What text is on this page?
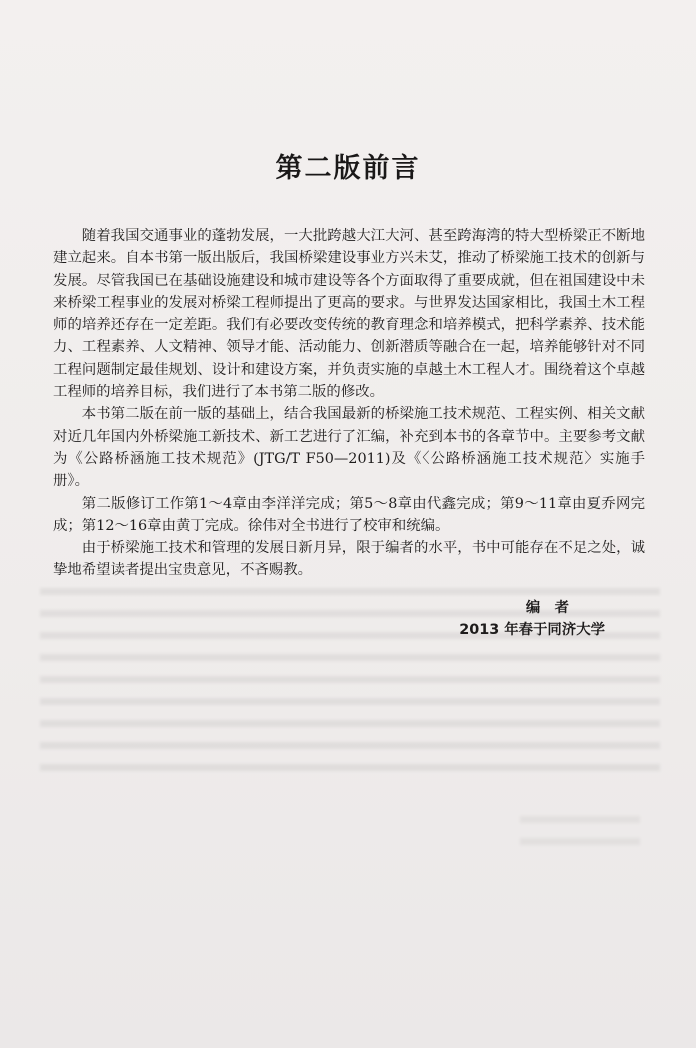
第二版前言

随着我国交通事业的蓬勃发展，一大批跨越大江大河、甚至跨海湾的特大型桥梁正不断地建立起来。自本书第一版出版后，我国桥梁建设事业方兴未艾，推动了桥梁施工技术的创新与发展。尽管我国已在基础设施建设和城市建设等各个方面取得了重要成就，但在祖国建设中未来桥梁工程事业的发展对桥梁工程师提出了更高的要求。与世界发达国家相比，我国土木工程师的培养还存在一定差距。我们有必要改变传统的教育理念和培养模式，把科学素养、技术能力、工程素养、人文精神、领导才能、活动能力、创新潜质等融合在一起，培养能够针对不同工程问题制定最佳规划、设计和建设方案，并负责实施的卓越土木工程人才。围绕着这个卓越工程师的培养目标，我们进行了本书第二版的修改。

本书第二版在前一版的基础上，结合我国最新的桥梁施工技术规范、工程实例、相关文献对近几年国内外桥梁施工新技术、新工艺进行了汇编，补充到本书的各章节中。主要参考文献为《公路桥涵施工技术规范》(JTG/T F50—2011)及《〈公路桥涵施工技术规范〉实施手册》。

第二版修订工作第1～4章由李洋洋完成；第5～8章由代鑫完成；第9～11章由夏乔网完成；第12～16章由黄丁完成。徐伟对全书进行了校审和统编。

由于桥梁施工技术和管理的发展日新月异，限于编者的水平，书中可能存在不足之处，诚挚地希望读者提出宝贵意见，不吝赐教。

编　者
2013 年春于同济大学
